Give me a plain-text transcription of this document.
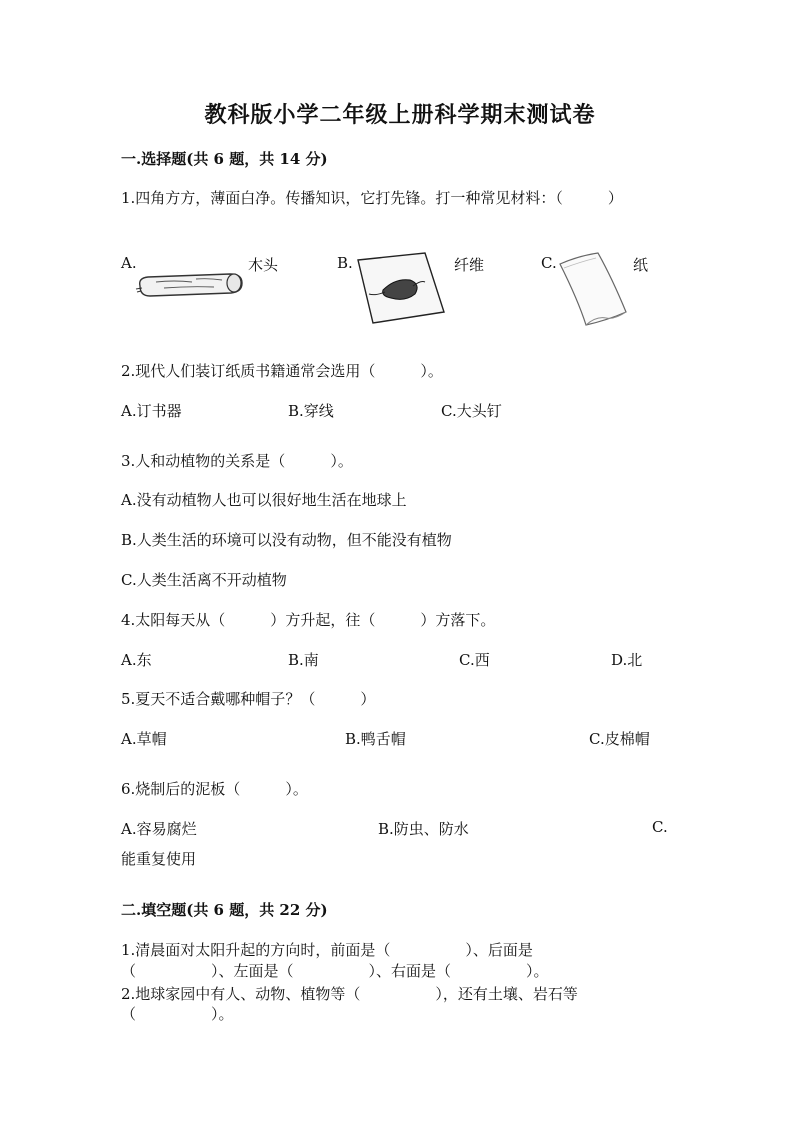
教科版小学二年级上册科学期末测试卷
一.选择题(共 6 题，共 14 分)
1.四角方方，薄面白净。传播知识，它打先锋。打一种常见材料：（　　　）
A.	木头	B.	纤维	C.	纸
2.现代人们装订纸质书籍通常会选用（　　　）。
A.订书器	B.穿线	C.大头钉
3.人和动植物的关系是（　　　）。
A.没有动植物人也可以很好地生活在地球上
B.人类生活的环境可以没有动物，但不能没有植物
C.人类生活离不开动植物
4.太阳每天从（　　　）方升起，往（　　　）方落下。
A.东	B.南	C.西	D.北
5.夏天不适合戴哪种帽子？（　　　）
A.草帽	B.鸭舌帽	C.皮棉帽
6.烧制后的泥板（　　　）。
A.容易腐烂	B.防虫、防水	C.
能重复使用
二.填空题(共 6 题，共 22 分)
1.清晨面对太阳升起的方向时，前面是（　　　　　）、后面是
（　　　　　）、左面是（　　　　　）、右面是（　　　　　）。
2.地球家园中有人、动物、植物等（　　　　　），还有土壤、岩石等
（　　　　　）。
